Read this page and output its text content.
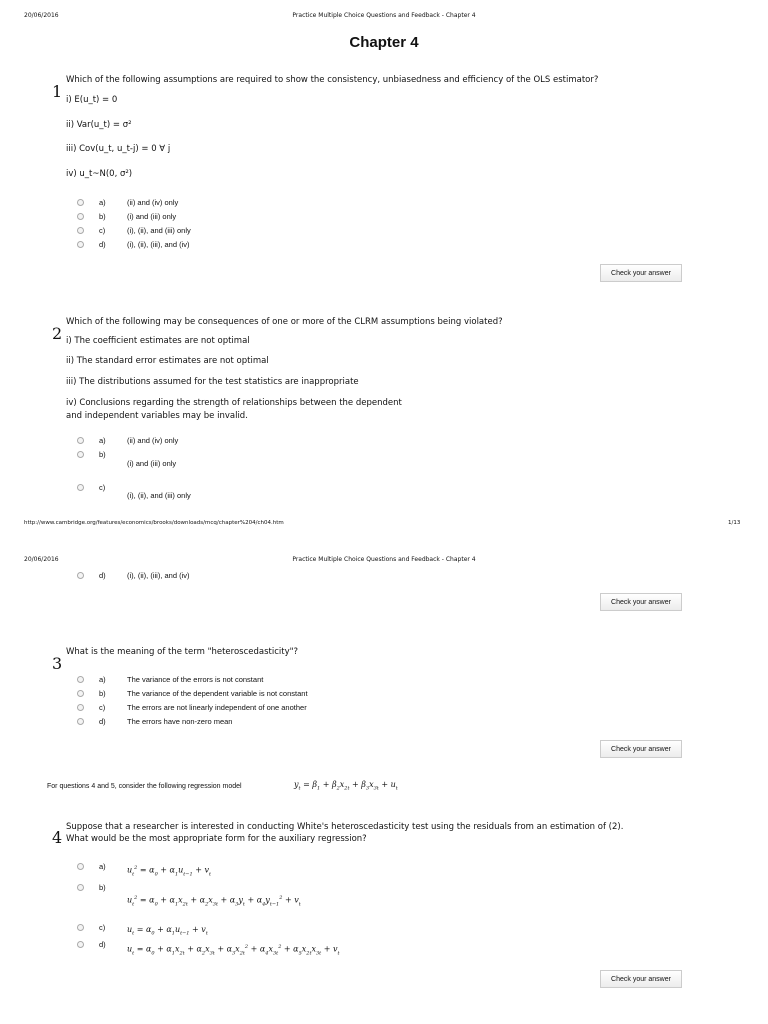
20/06/2016	Practice Multiple Choice Questions and Feedback - Chapter 4
Chapter 4
1
Which of the following assumptions are required to show the consistency, unbiasedness and efficiency of the OLS estimator?
i) E(u_t) = 0
ii) Var(u_t) = σ²
iii) Cov(u_t, u_t-j) = 0 ∀ j
iv) u_t~N(0, σ²)
a)	(ii) and (iv) only
b)	(i) and (iii) only
c)	(i), (ii), and (iii) only
d)	(i), (ii), (iii), and (iv)
Check your answer
2
Which of the following may be consequences of one or more of the CLRM assumptions being violated?
i) The coefficient estimates are not optimal
ii) The standard error estimates are not optimal
iii) The distributions assumed for the test statistics are inappropriate
iv) Conclusions regarding the strength of relationships between the dependent
and independent variables may be invalid.
a)	(ii) and (iv) only
b)
(i) and (iii) only
c)
(i), (ii), and (iii) only
http://www.cambridge.org/features/economics/brooks/downloads/mcq/chapter%204/ch04.htm	1/13
20/06/2016	Practice Multiple Choice Questions and Feedback - Chapter 4
d)	(i), (ii), (iii), and (iv)
Check your answer
3
What is the meaning of the term "heteroscedasticity"?
a)	The variance of the errors is not constant
b)	The variance of the dependent variable is not constant
c)	The errors are not linearly independent of one another
d)	The errors have non-zero mean
Check your answer
For questions 4 and 5, consider the following regression model	$y_t = \beta_1 + \beta_2x_{2t} + \beta_3x_{3t} + u_t$
4
Suppose that a researcher is interested in conducting White's heteroscedasticity test using the residuals from an estimation of (2).
What would be the most appropriate form for the auxiliary regression?
a)	$u_t^2 = \alpha_0 + \alpha_1u_{t-1} + v_t$
b)
$u_t^2 = \alpha_0 + \alpha_1x_{2t} + \alpha_2x_{3t} + \alpha_3y_t + \alpha_4y_{t-1}^2 + v_t$
c)	$u_t = \alpha_0 + \alpha_1u_{t-1} + v_t$
d)
$u_t = \alpha_0 + \alpha_1x_{2t} + \alpha_2x_{3t} + \alpha_3x_{2t}^2 + \alpha_4x_{3t}^2 + \alpha_5x_{2t}x_{3t} + v_t$
Check your answer
